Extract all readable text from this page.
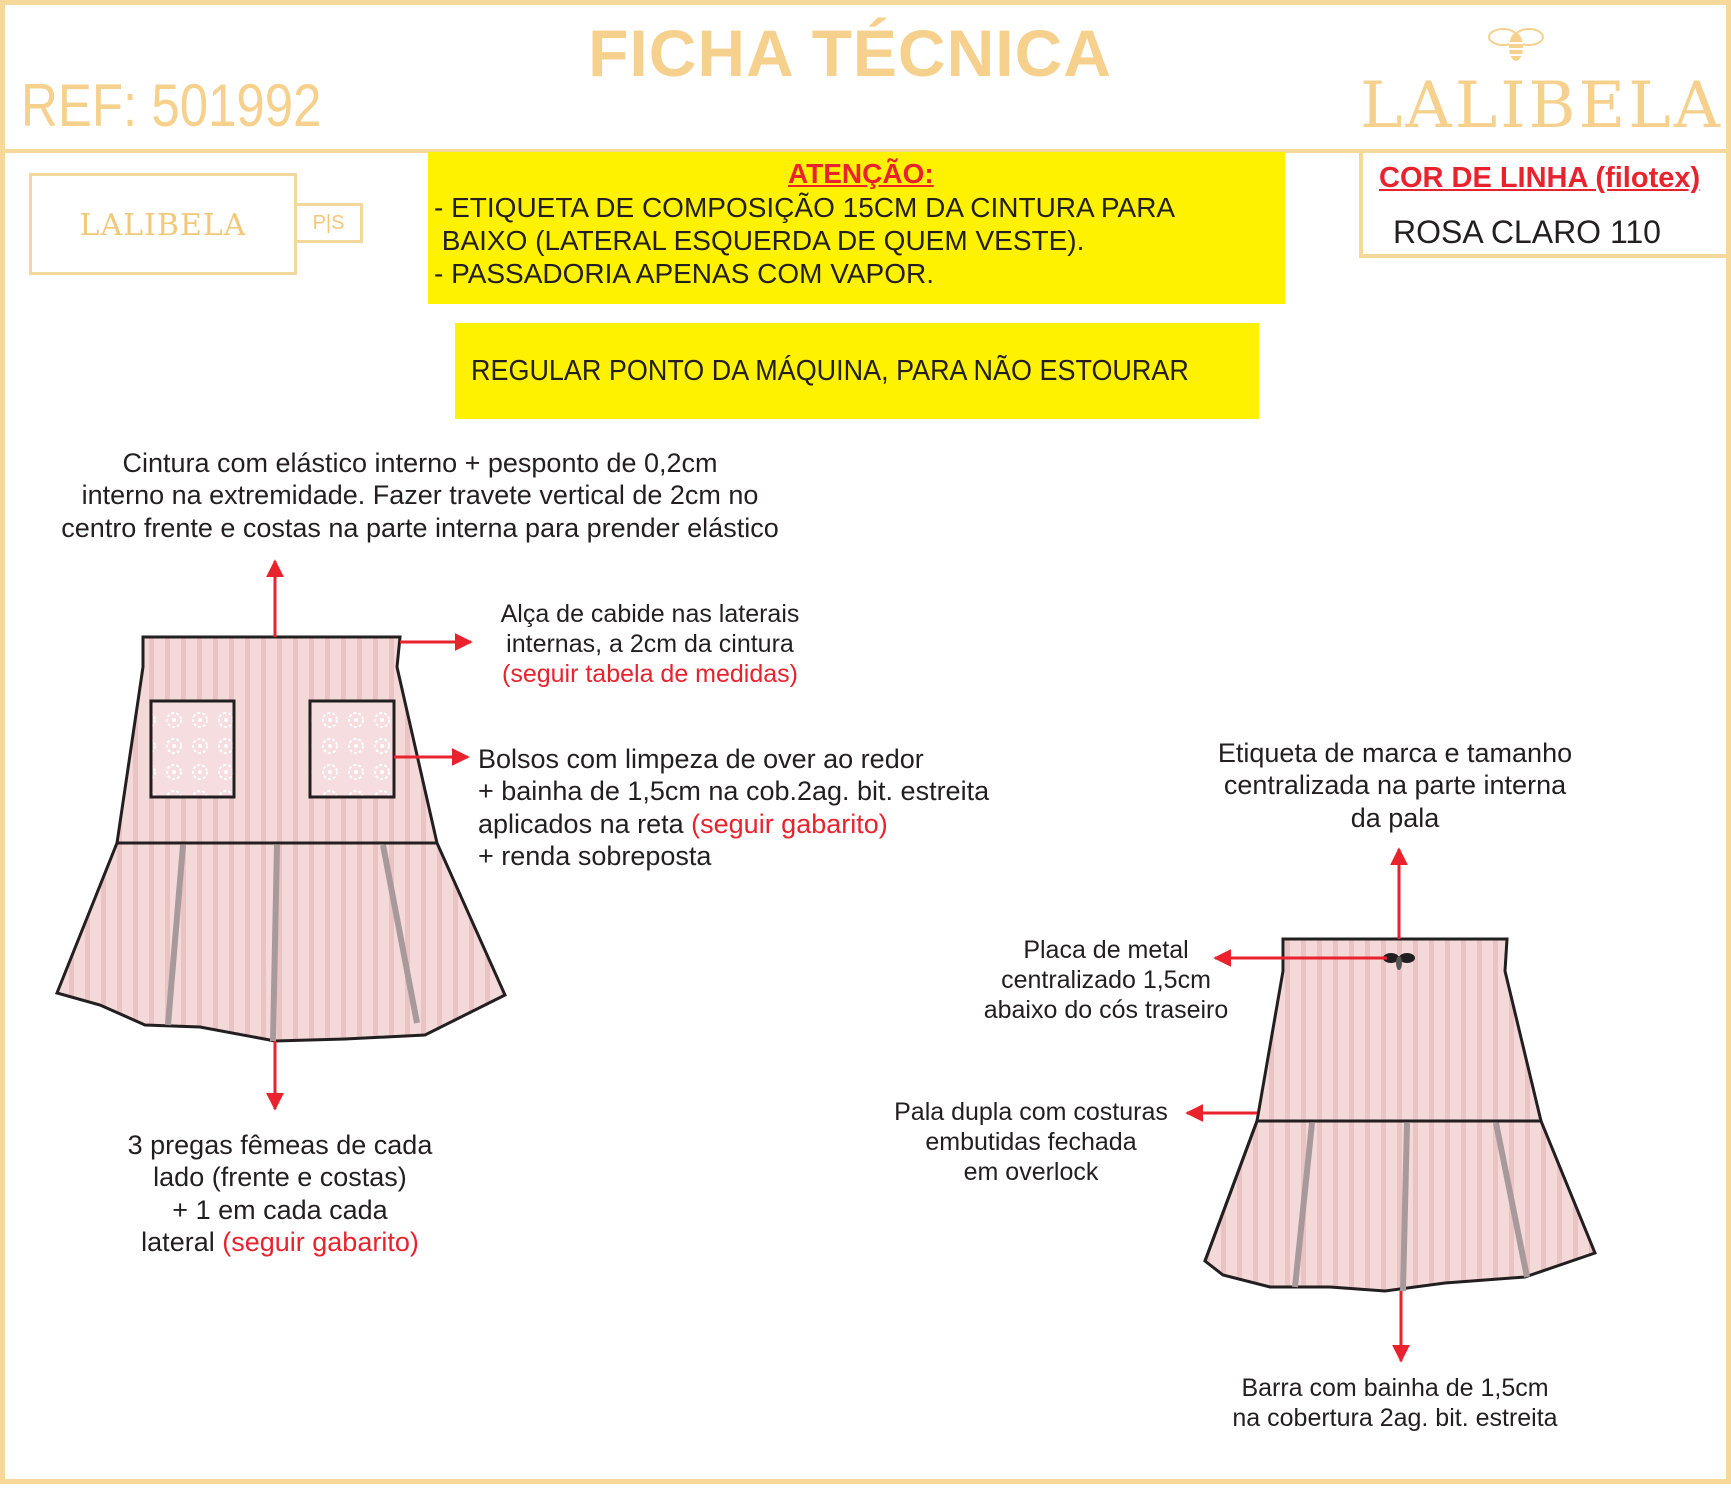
FICHA TÉCNICA
REF: 501992	LALIBELA
LALIBELA	P|S
ATENÇÃO:
- ETIQUETA DE COMPOSIÇÃO 15CM DA CINTURA PARA
BAIXO (LATERAL ESQUERDA DE QUEM VESTE).
- PASSADORIA APENAS COM VAPOR.
REGULAR PONTO DA MÁQUINA, PARA NÃO ESTOURAR
COR DE LINHA (filotex)
ROSA CLARO 110
Cintura com elástico interno + pesponto de 0,2cm
interno na extremidade. Fazer travete vertical de 2cm no
centro frente e costas na parte interna para prender elástico
Alça de cabide nas laterais
internas, a 2cm da cintura
(seguir tabela de medidas)
Bolsos com limpeza de over ao redor
+ bainha de 1,5cm na cob.2ag. bit. estreita
aplicados na reta (seguir gabarito)
+ renda sobreposta
3 pregas fêmeas de cada
lado (frente e costas)
+ 1 em cada cada
lateral (seguir gabarito)
Etiqueta de marca e tamanho
centralizada na parte interna
da pala
Placa de metal
centralizado 1,5cm
abaixo do cós traseiro
Pala dupla com costuras
embutidas fechada
em overlock
Barra com bainha de 1,5cm
na cobertura 2ag. bit. estreita
